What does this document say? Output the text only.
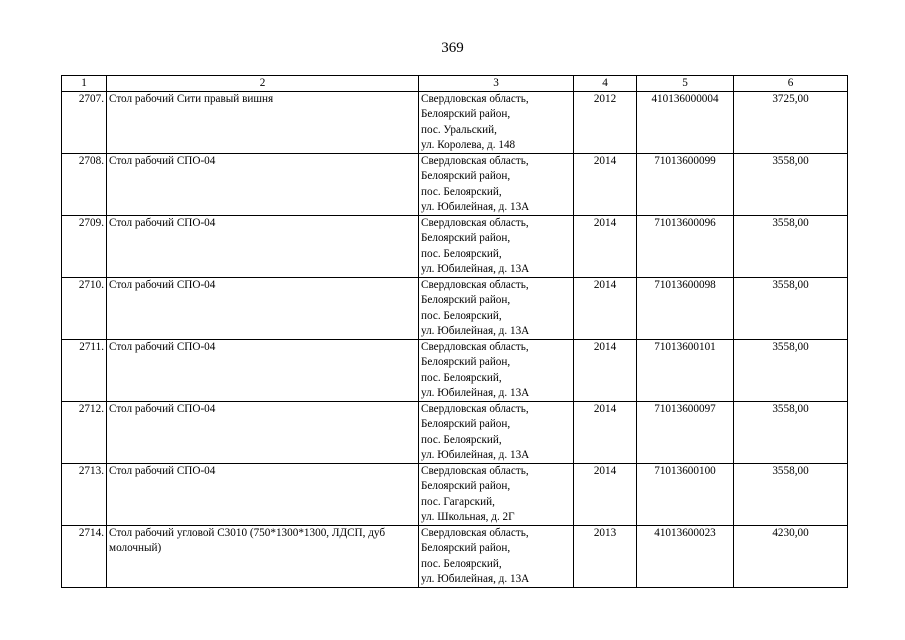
369
1	2	3	4	5	6
2707.	Стол рабочий Сити правый вишня	Свердловская область,
Белоярский район,
пос. Уральский,
ул. Королева, д. 148	2012	410136000004	3725,00
2708.	Стол рабочий СПО-04	Свердловская область,
Белоярский район,
пос. Белоярский,
ул. Юбилейная, д. 13А	2014	71013600099	3558,00
2709.	Стол рабочий СПО-04	Свердловская область,
Белоярский район,
пос. Белоярский,
ул. Юбилейная, д. 13А	2014	71013600096	3558,00
2710.	Стол рабочий СПО-04	Свердловская область,
Белоярский район,
пос. Белоярский,
ул. Юбилейная, д. 13А	2014	71013600098	3558,00
2711.	Стол рабочий СПО-04	Свердловская область,
Белоярский район,
пос. Белоярский,
ул. Юбилейная, д. 13А	2014	71013600101	3558,00
2712.	Стол рабочий СПО-04	Свердловская область,
Белоярский район,
пос. Белоярский,
ул. Юбилейная, д. 13А	2014	71013600097	3558,00
2713.	Стол рабочий СПО-04	Свердловская область,
Белоярский район,
пос. Гагарский,
ул. Школьная, д. 2Г	2014	71013600100	3558,00
2714.	Стол рабочий угловой С3010 (750*1300*1300, ЛДСП, дуб молочный)	Свердловская область,
Белоярский район,
пос. Белоярский,
ул. Юбилейная, д. 13А	2013	41013600023	4230,00
